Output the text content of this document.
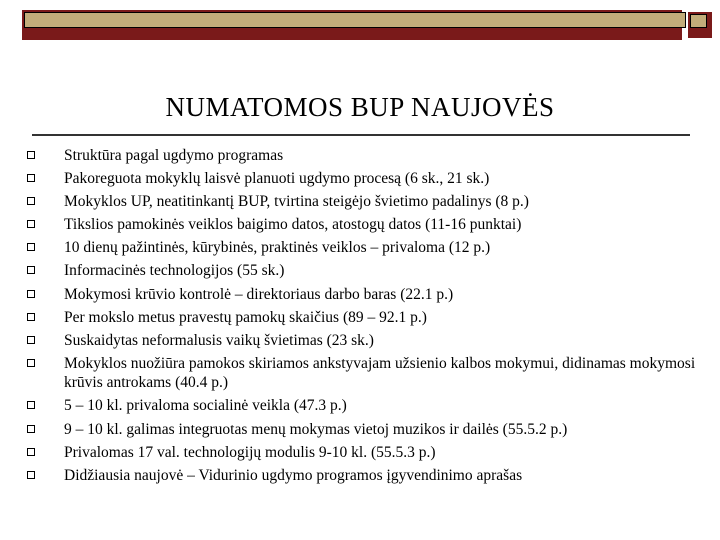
NUMATOMOS BUP NAUJOVĖS
Struktūra pagal ugdymo programas
Pakoreguota mokyklų laisvė planuoti ugdymo procesą (6 sk., 21 sk.)
Mokyklos UP, neatitinkantį BUP, tvirtina steigėjo švietimo padalinys (8 p.)
Tikslios pamokinės veiklos baigimo datos, atostogų datos (11-16 punktai)
10 dienų pažintinės, kūrybinės, praktinės veiklos – privaloma (12 p.)
Informacinės technologijos (55 sk.)
Mokymosi krūvio kontrolė – direktoriaus darbo baras (22.1 p.)
Per mokslo metus pravestų pamokų skaičius (89 – 92.1 p.)
Suskaidytas neformalusis vaikų švietimas (23 sk.)
Mokyklos nuožiūra pamokos skiriamos ankstyvajam užsienio kalbos mokymui, didinamas mokymosi krūvis antrokams (40.4 p.)
5 – 10 kl. privaloma socialinė veikla (47.3 p.)
9 – 10 kl. galimas integruotas menų mokymas vietoj muzikos ir dailės (55.5.2 p.)
Privalomas 17 val. technologijų modulis 9-10 kl. (55.5.3 p.)
Didžiausia naujovė – Vidurinio ugdymo programos įgyvendinimo aprašas
